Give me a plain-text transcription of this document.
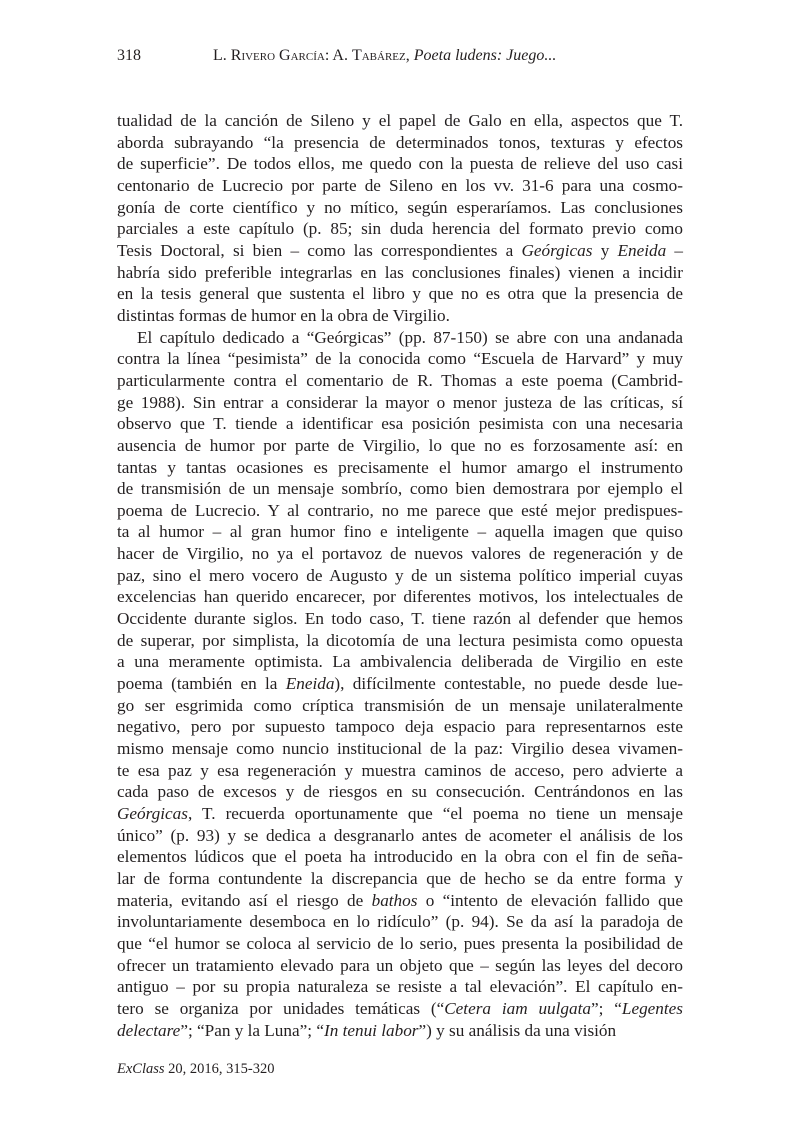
318	L. Rivero García: A. Tabárez, Poeta ludens: Juego...
tualidad de la canción de Sileno y el papel de Galo en ella, aspectos que T.
aborda subrayando “la presencia de determinados tonos, texturas y efectos
de superficie”. De todos ellos, me quedo con la puesta de relieve del uso casi
centonario de Lucrecio por parte de Sileno en los vv. 31-6 para una cosmo-
gonía de corte científico y no mítico, según esperaríamos. Las conclusiones
parciales a este capítulo (p. 85; sin duda herencia del formato previo como
Tesis Doctoral, si bien – como las correspondientes a Geórgicas y Eneida –
habría sido preferible integrarlas en las conclusiones finales) vienen a incidir
en la tesis general que sustenta el libro y que no es otra que la presencia de
distintas formas de humor en la obra de Virgilio.
El capítulo dedicado a “Geórgicas” (pp. 87-150) se abre con una andanada
contra la línea “pesimista” de la conocida como “Escuela de Harvard” y muy
particularmente contra el comentario de R. Thomas a este poema (Cambrid-
ge 1988). Sin entrar a considerar la mayor o menor justeza de las críticas, sí
observo que T. tiende a identificar esa posición pesimista con una necesaria
ausencia de humor por parte de Virgilio, lo que no es forzosamente así: en
tantas y tantas ocasiones es precisamente el humor amargo el instrumento
de transmisión de un mensaje sombrío, como bien demostrara por ejemplo el
poema de Lucrecio. Y al contrario, no me parece que esté mejor predispues-
ta al humor – al gran humor fino e inteligente – aquella imagen que quiso
hacer de Virgilio, no ya el portavoz de nuevos valores de regeneración y de
paz, sino el mero vocero de Augusto y de un sistema político imperial cuyas
excelencias han querido encarecer, por diferentes motivos, los intelectuales de
Occidente durante siglos. En todo caso, T. tiene razón al defender que hemos
de superar, por simplista, la dicotomía de una lectura pesimista como opuesta
a una meramente optimista. La ambivalencia deliberada de Virgilio en este
poema (también en la Eneida), difícilmente contestable, no puede desde lue-
go ser esgrimida como críptica transmisión de un mensaje unilateralmente
negativo, pero por supuesto tampoco deja espacio para representarnos este
mismo mensaje como nuncio institucional de la paz: Virgilio desea vivamen-
te esa paz y esa regeneración y muestra caminos de acceso, pero advierte a
cada paso de excesos y de riesgos en su consecución. Centrándonos en las
Geórgicas, T. recuerda oportunamente que “el poema no tiene un mensaje
único” (p. 93) y se dedica a desgranarlo antes de acometer el análisis de los
elementos lúdicos que el poeta ha introducido en la obra con el fin de seña-
lar de forma contundente la discrepancia que de hecho se da entre forma y
materia, evitando así el riesgo de bathos o “intento de elevación fallido que
involuntariamente desemboca en lo ridículo” (p. 94). Se da así la paradoja de
que “el humor se coloca al servicio de lo serio, pues presenta la posibilidad de
ofrecer un tratamiento elevado para un objeto que – según las leyes del decoro
antiguo – por su propia naturaleza se resiste a tal elevación”. El capítulo en-
tero se organiza por unidades temáticas (“Cetera iam uulgata”; “Legentes
delectare”; “Pan y la Luna”; “In tenui labor”) y su análisis da una visión
ExClass 20, 2016, 315-320
